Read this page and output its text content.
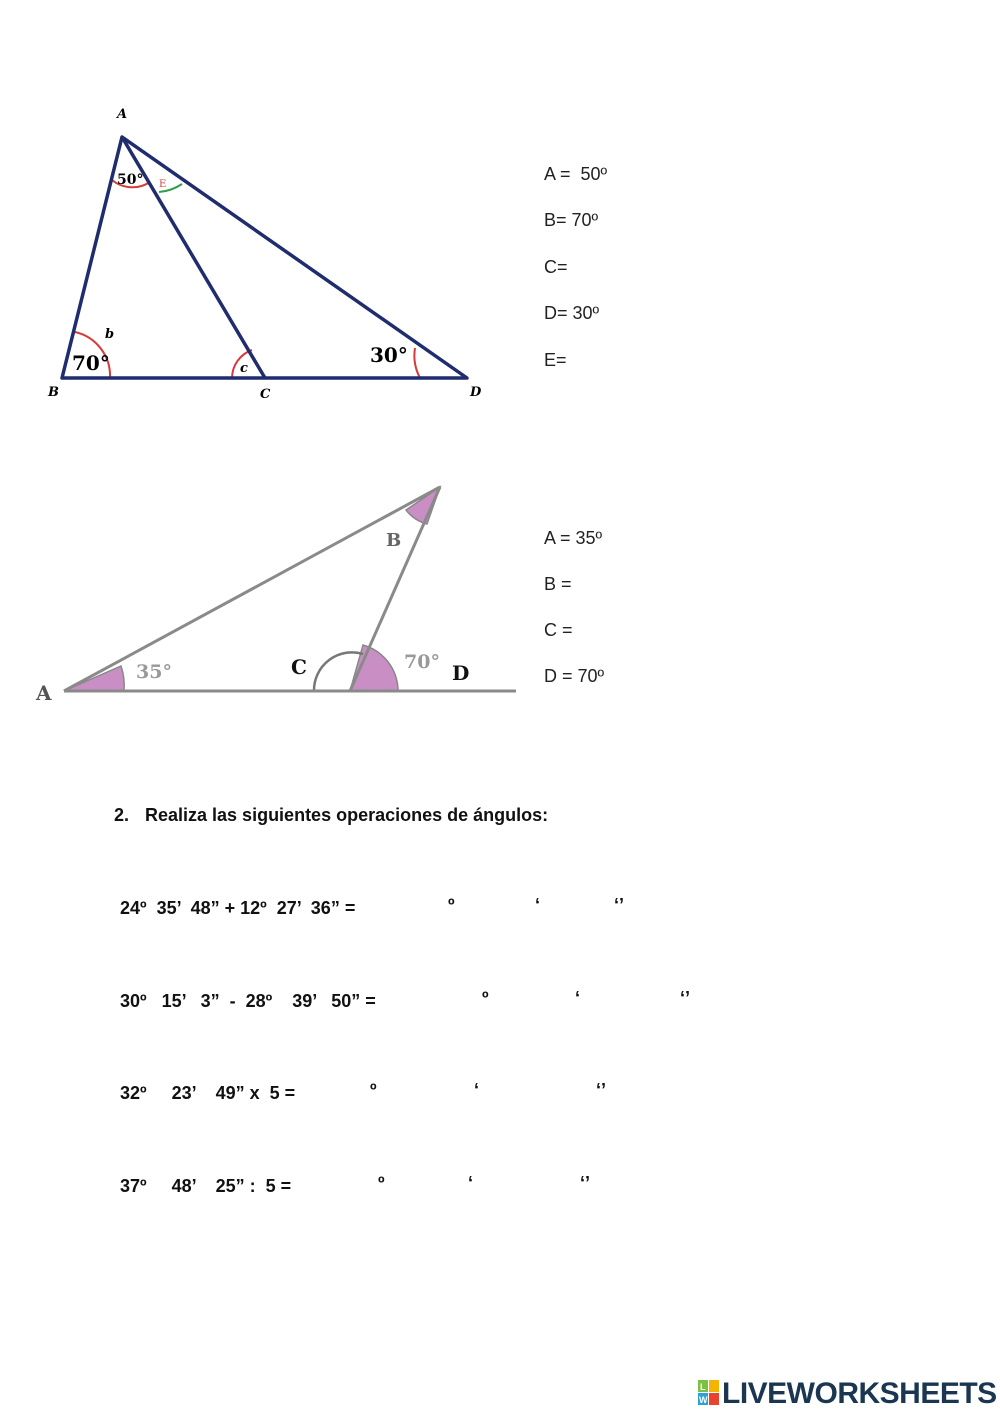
A
B	C	D
50° E
b
70°	c
30°
A =  50º
B= 70º
C=
D= 30º
E=
A
B
C	D
35°	70°
A = 35º
B =
C =
D = 70º
2. Realiza las siguientes operaciones de ángulos:
24º  35’  48” + 12º  27’  36” =	º	‘	‘’
30º   15’   3”  -  28º    39’   50” =	º	‘	‘’
32º     23’    49” x  5 =	º	‘	‘’
37º     48’    25” :  5 =	º	‘	‘’
L
W LIVEWORKSHEETS
